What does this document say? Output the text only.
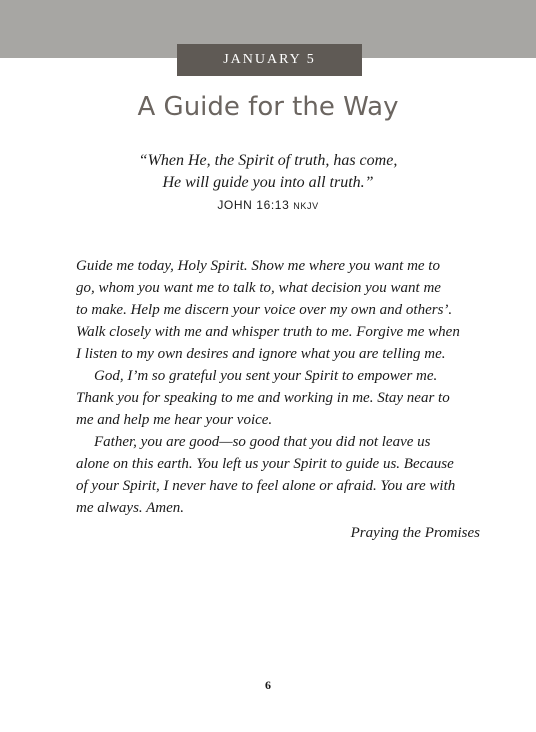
JANUARY 5
A Guide for the Way
“When He, the Spirit of truth, has come,
He will guide you into all truth.”
JOHN 16:13 NKJV

Guide me today, Holy Spirit. Show me where you want me to
go, whom you want me to talk to, what decision you want me
to make. Help me discern your voice over my own and others’.
Walk closely with me and whisper truth to me. Forgive me when
I listen to my own desires and ignore what you are telling me.

God, I’m so grateful you sent your Spirit to empower me.
Thank you for speaking to me and working in me. Stay near to
me and help me hear your voice.

Father, you are good—so good that you did not leave us
alone on this earth. You left us your Spirit to guide us. Because
of your Spirit, I never have to feel alone or afraid. You are with
me always. Amen.

Praying the Promises
6
